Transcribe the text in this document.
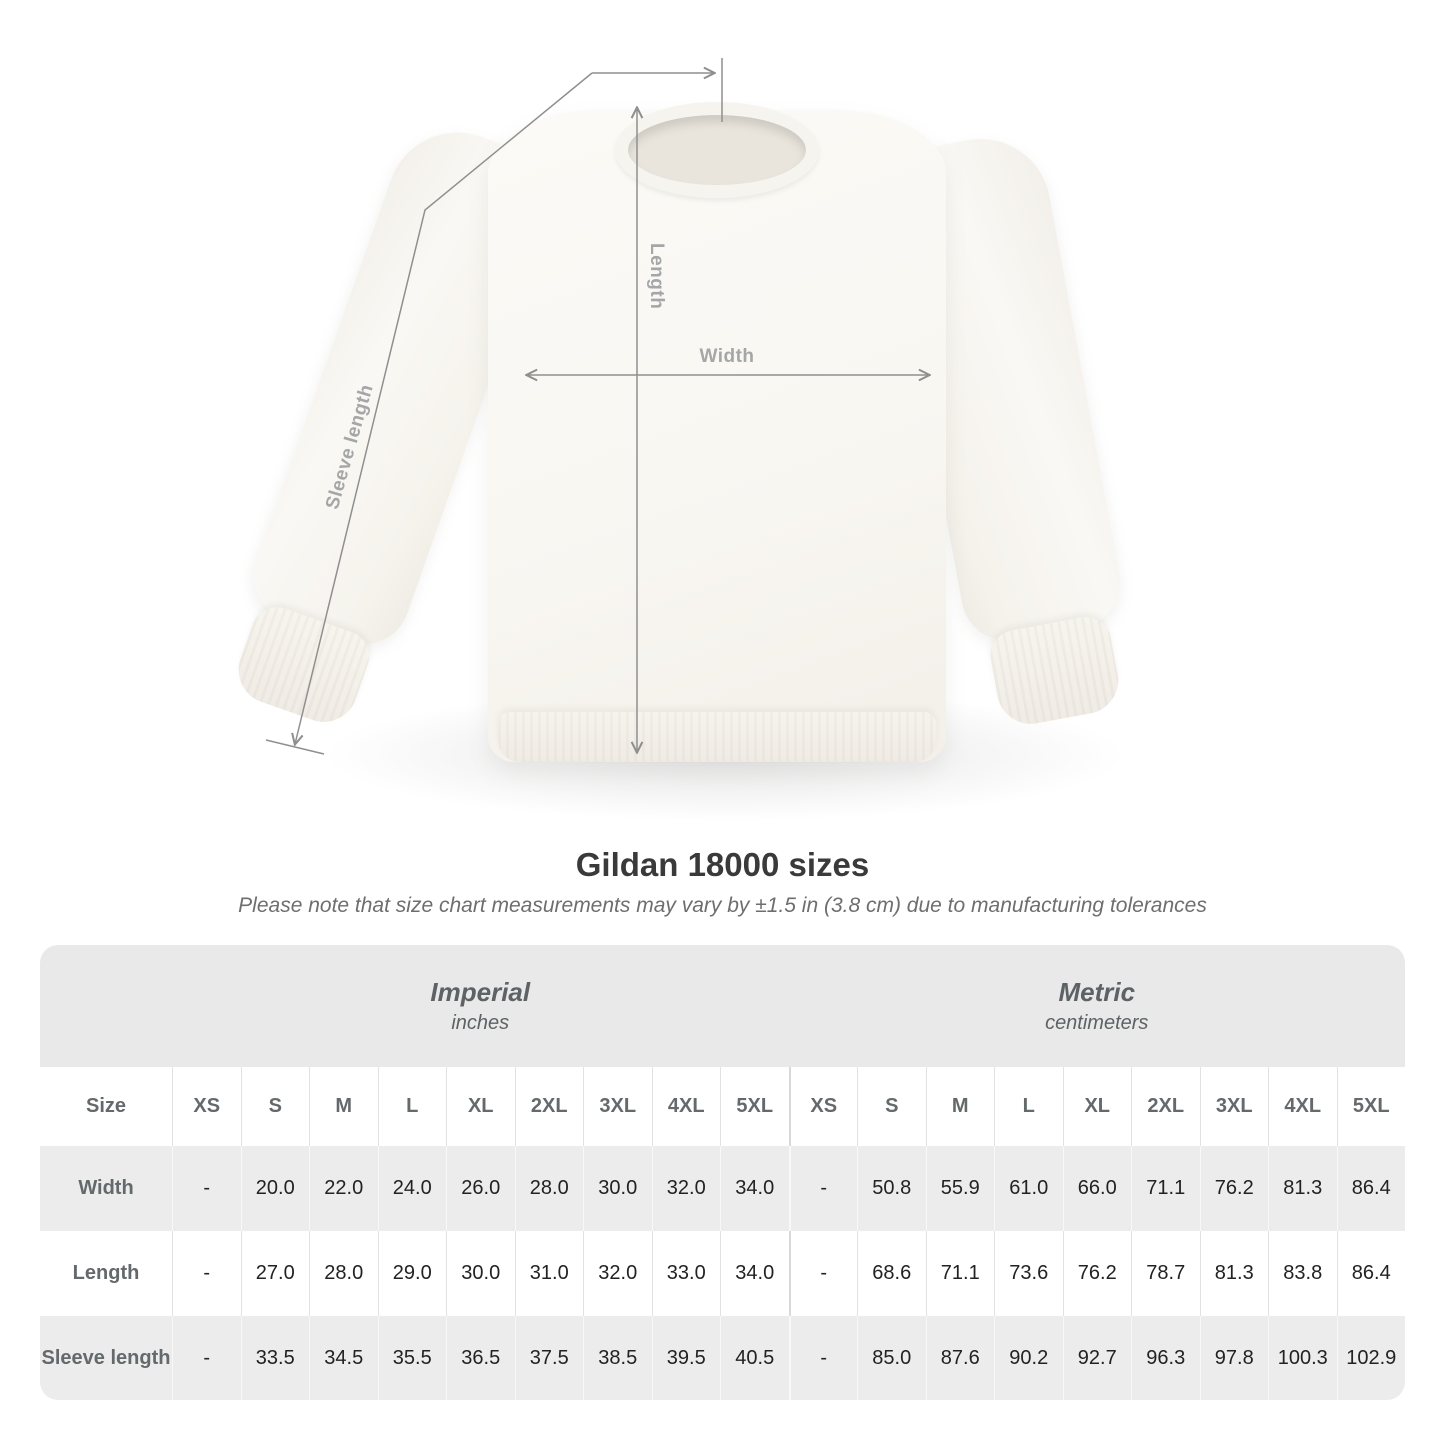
Length
Width
Sleeve length
Gildan 18000 sizes
Please note that size chart measurements may vary by ±1.5 in (3.8 cm) due to manufacturing tolerances
Imperial
inches
Metric
centimeters
Size	XS	S	M	L	XL	2XL	3XL	4XL	5XL	XS	S	M	L	XL	2XL	3XL	4XL	5XL
Width	-	20.0	22.0	24.0	26.0	28.0	30.0	32.0	34.0	-	50.8	55.9	61.0	66.0	71.1	76.2	81.3	86.4
Length	-	27.0	28.0	29.0	30.0	31.0	32.0	33.0	34.0	-	68.6	71.1	73.6	76.2	78.7	81.3	83.8	86.4
Sleeve length	-	33.5	34.5	35.5	36.5	37.5	38.5	39.5	40.5	-	85.0	87.6	90.2	92.7	96.3	97.8	100.3 102.9
